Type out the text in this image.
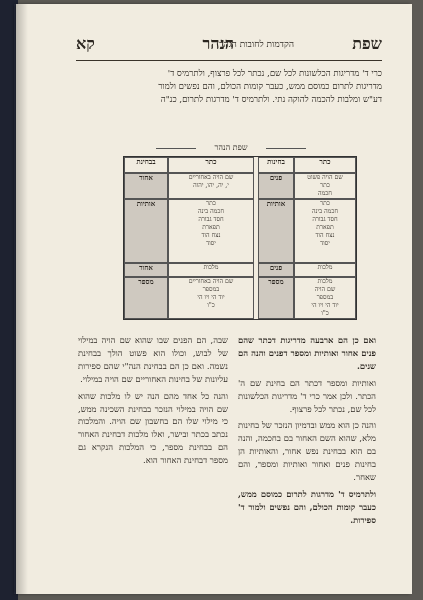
שפת
הקדמות לחובות הגהר
הנהר
קא
כרי ד' מדריגות הכלשונות לכל שם, נכתר לכל פרצוף, ולתרמיס ד'
מדריגות לתרום כמוסם ממש, כעבר קומות הכולם, והם נפשים ולמור
דע"ש ומלבות להכמה להוקה נתי. ולתרמיס ד' מדרגות לתרום, כנ"ה
שפת הנהר
כתר
בחינות
שם הויה פשוט
כתר
חכמה
פנים
כתר
חכמה בינה
חסד גבורה
תפארת
נצח הוד
יסוד
אותיות
מלכות
פנים
מלכות
שם הויה
במספר
יוד הי ויו הי
כ"ו
מספר
כתר
בבחינת
שם הויה באחוריים
י, יה, יהו, יהוה
אחור
כתר
חכמה בינה
חסד גבורה
תפארת
נצח הוד
יסוד
אותיות
מלכות
אחור
שם הויה באחוריים
במספר
יוד הי ויו הי
כ"ו
מספר

ואם כן הם ארבעה מדריגות דכתר שהם פנים אחור ואותיות ומספר דפנים והנה הם שנים.

ואותיות ומספר דכתר הם בחינת שם ה' הכתר. ולכן אמר כרי ד' מדריגות הכלשונות לכל שם, נכתר לכל פרצוף.

והנה כן הוא ממש ובדמיון הנזכר של בחינות מלא, שהוא השם האחור בם בחכמה, והנה בם הוא בבחינת נפש אחור, והאותיות הן בחינות פנים ואחור ואותיות ומספר, והם שאחר.

ולתרמיס ד' מדרגות לתרום כמוסם ממש, כעבר קומות הכולם, והם נפשים ולמור ד' ספירות.

שבה, הם הפנים שבו שהוא שם הויה במילוי של לבוש, וכולו הוא פשוט הולך בבחינת נשמה. ואם כן הם בבחינת הנה"י שהם ספירות עליונות של בחינות האחוריים שם הויה במילוי.

והנה כל אחד מהם הנה יש לו מלכות שהוא שם הויה במילוי הנזכר בבחינת השכינה ממש, כי מילוי שלו הם בחשבון שם הויה. והמלכות נכתב בכתר ובישר, ואלו מלכות דבחינת האחור הם בבחינת מספר, כי המלכות הנקרא גם מספר דבחינת האחור הוא.
